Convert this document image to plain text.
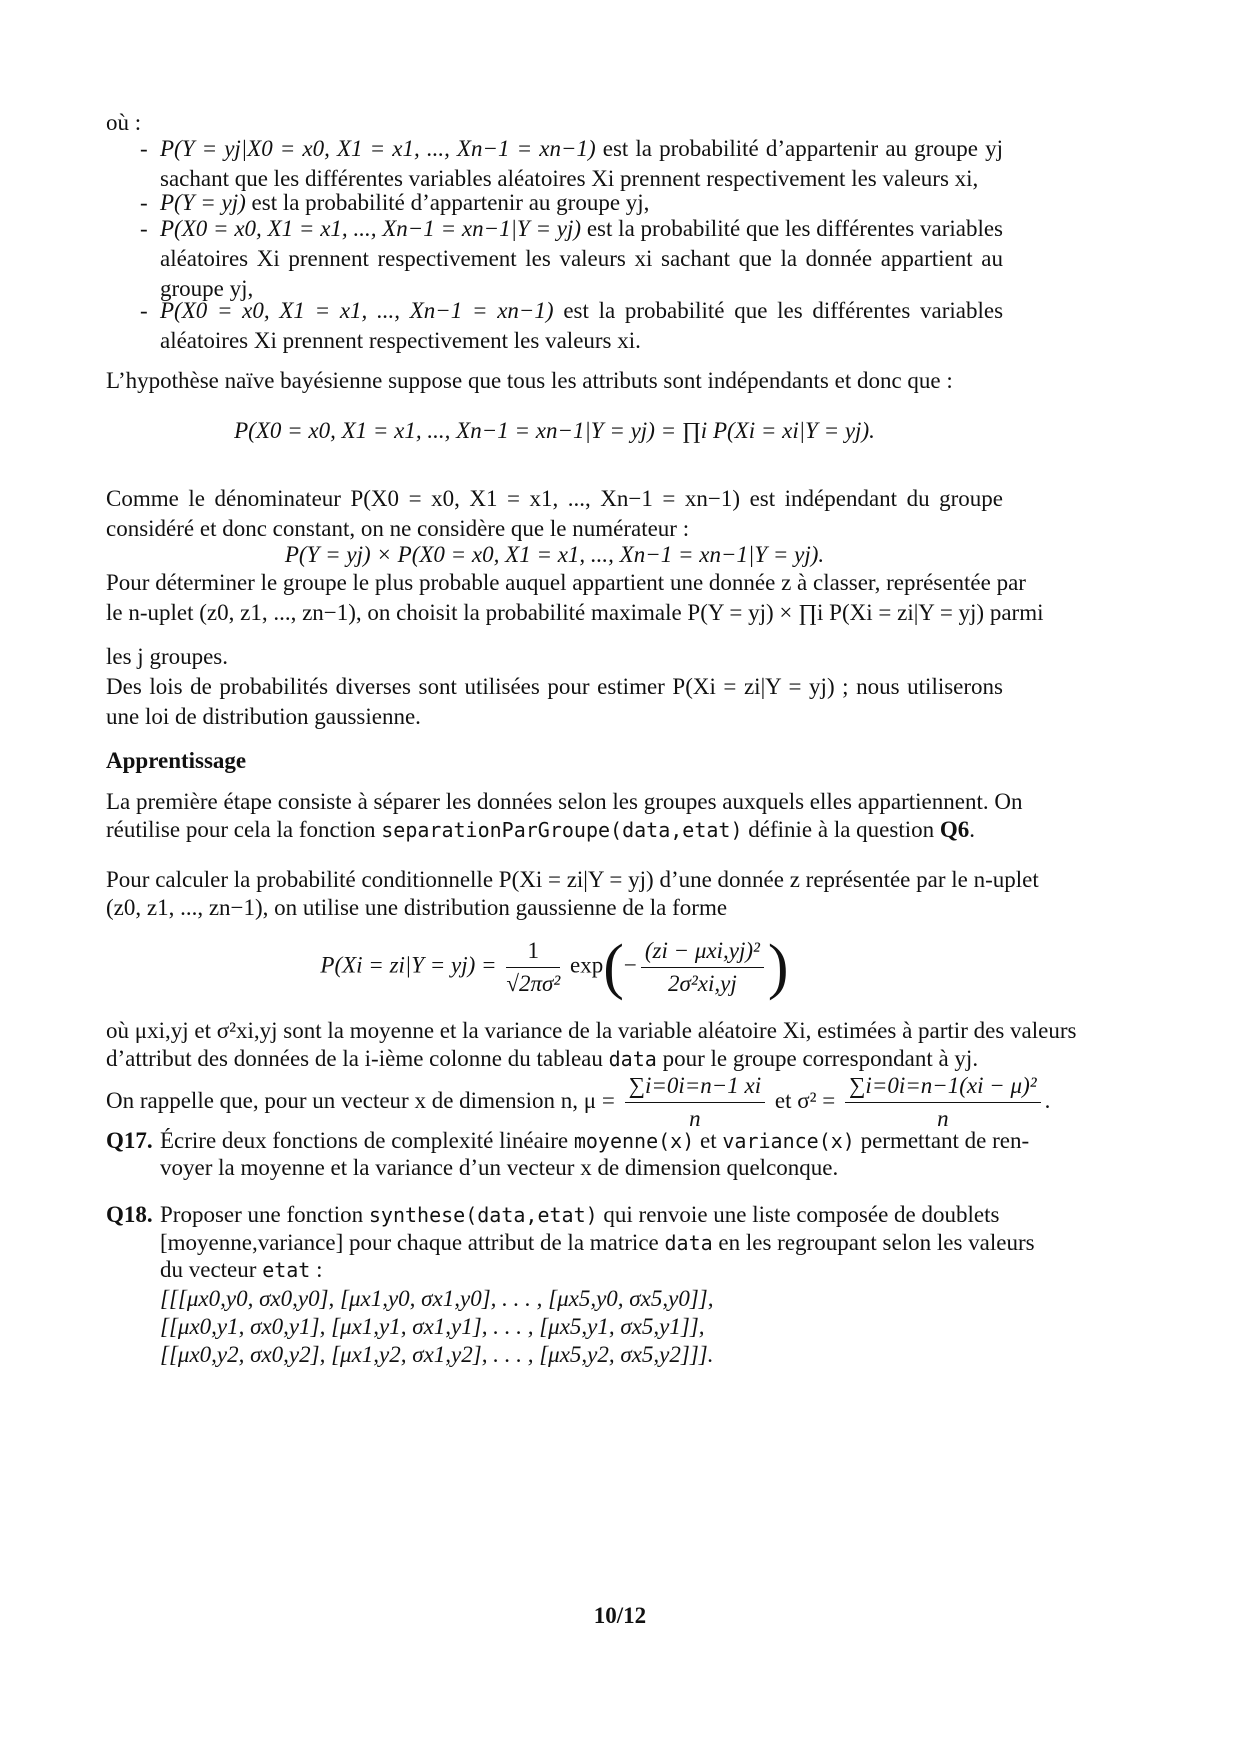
où :
- P(Y = yj|X0 = x0, X1 = x1, ..., Xn−1 = xn−1) est la probabilité d’appartenir au groupe yj sachant que les différentes variables aléatoires Xi prennent respectivement les valeurs xi,
- P(Y = yj) est la probabilité d’appartenir au groupe yj,
- P(X0 = x0, X1 = x1, ..., Xn−1 = xn−1|Y = yj) est la probabilité que les différentes variables aléatoires Xi prennent respectivement les valeurs xi sachant que la donnée appartient au groupe yj,
- P(X0 = x0, X1 = x1, ..., Xn−1 = xn−1) est la probabilité que les différentes variables aléatoires Xi prennent respectivement les valeurs xi.
L’hypothèse naïve bayésienne suppose que tous les attributs sont indépendants et donc que :
P(X0 = x0, X1 = x1, ..., Xn−1 = xn−1|Y = yj) = ∏i P(Xi = xi|Y = yj).
Comme le dénominateur P(X0 = x0, X1 = x1, ..., Xn−1 = xn−1) est indépendant du groupe considéré et donc constant, on ne considère que le numérateur :
P(Y = yj) × P(X0 = x0, X1 = x1, ..., Xn−1 = xn−1|Y = yj).
Pour déterminer le groupe le plus probable auquel appartient une donnée z à classer, représentée par
le n-uplet (z0, z1, ..., zn−1), on choisit la probabilité maximale P(Y = yj) × ∏i P(Xi = zi|Y = yj) parmi
les j groupes.
Des lois de probabilités diverses sont utilisées pour estimer P(Xi = zi|Y = yj) ; nous utiliserons une loi de distribution gaussienne.
Apprentissage
La première étape consiste à séparer les données selon les groupes auxquels elles appartiennent. On
réutilise pour cela la fonction separationParGroupe(data,etat) définie à la question Q6.
Pour calculer la probabilité conditionnelle P(Xi = zi|Y = yj) d’une donnée z représentée par le n-uplet
(z0, z1, ..., zn−1), on utilise une distribution gaussienne de la forme
$P(Xi = zi|Y = yj) = \frac{1}{\text{√2πσ²}} \exp(- \frac{\text{(zi − μxi,yj)²}}{\text{2σ²xi,yj}}$ )
où μxi,yj et σ²xi,yj sont la moyenne et la variance de la variable aléatoire Xi, estimées à partir des valeurs
d’attribut des données de la i-ième colonne du tableau data pour le groupe correspondant à yj.
On rappelle que, pour un vecteur x de dimension n, $\mu = \frac{\sum i=0i=n-1 xi}{n}$ et $\sigma^2 = \frac{\text{∑i=0i=n−1(xi − μ)²}}{n}$ .
Q17. Écrire deux fonctions de complexité linéaire moyenne(x) et variance(x) permettant de ren-
voyer la moyenne et la variance d’un vecteur x de dimension quelconque.
Q18. Proposer une fonction synthese(data,etat) qui renvoie une liste composée de doublets
[moyenne,variance] pour chaque attribut de la matrice data en les regroupant selon les valeurs
du vecteur etat :
[[[μx0,y0, σx0,y0], [μx1,y0, σx1,y0], . . . , [μx5,y0, σx5,y0]],
[[μx0,y1, σx0,y1], [μx1,y1, σx1,y1], . . . , [μx5,y1, σx5,y1]],
[[μx0,y2, σx0,y2], [μx1,y2, σx1,y2], . . . , [μx5,y2, σx5,y2]]].
10/12
